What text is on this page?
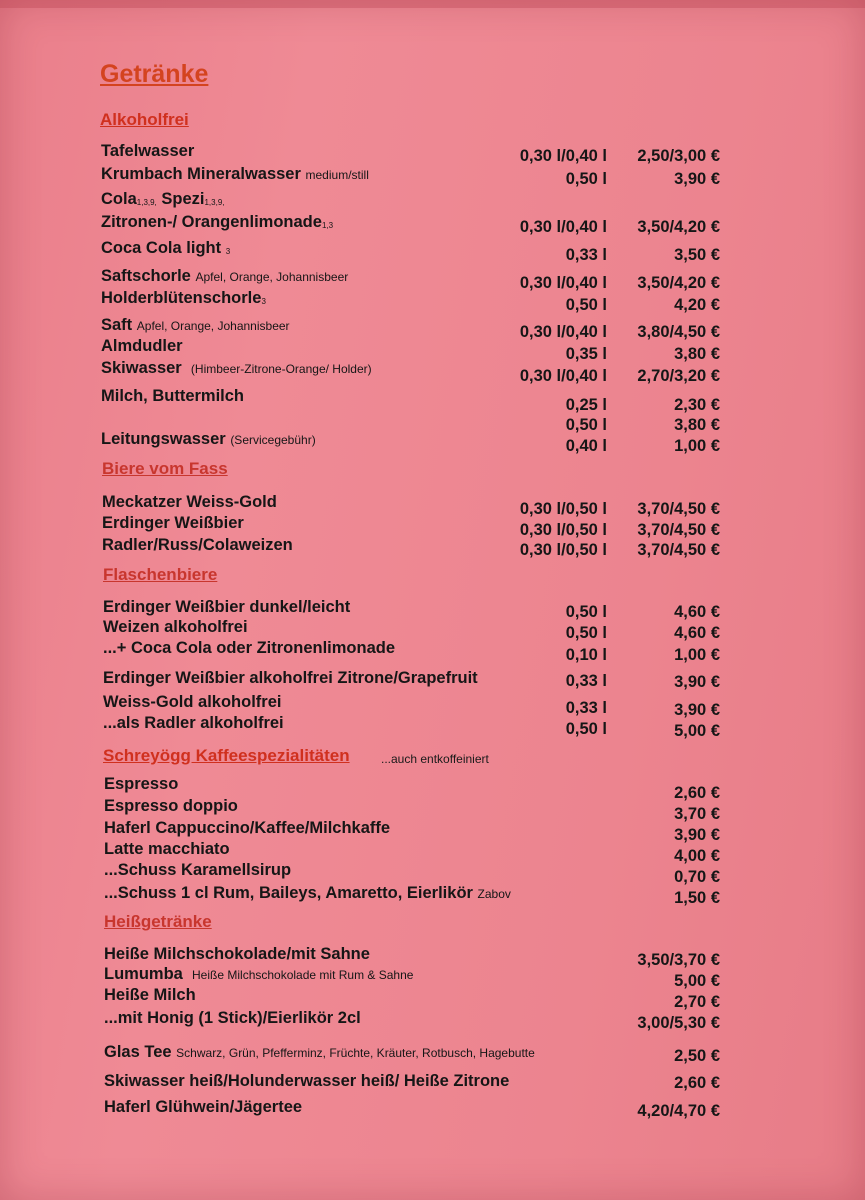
Getränke
Alkoholfrei
Tafelwasser	0,30 l/0,40 l 2,50/3,00 €
Krumbach Mineralwasser medium/still	0,50 l	3,90 €
Cola1,3,9, Spezi1,3,9,
Zitronen-/ Orangenlimonade1,3	0,30 l/0,40 l 3,50/4,20 €
Coca Cola light 3	0,33 l	3,50 €
Saftschorle Apfel, Orange, Johannisbeer	0,30 l/0,40 l 3,50/4,20 €
Holderblütenschorle3	0,50 l	4,20 €
Saft Apfel, Orange, Johannisbeer	0,30 l/0,40 l 3,80/4,50 €
Almdudler	0,35 l	3,80 €
Skiwasser (Himbeer-Zitrone-Orange/ Holder)	0,30 l/0,40 l 2,70/3,20 €
Milch, Buttermilch	0,25 l	2,30 €
0,50 l	3,80 €
Leitungswasser (Servicegebühr)	0,40 l	1,00 €
Biere vom Fass
Meckatzer Weiss-Gold	0,30 l/0,50 l 3,70/4,50 €
Erdinger Weißbier	0,30 l/0,50 l 3,70/4,50 €
Radler/Russ/Colaweizen	0,30 l/0,50 l 3,70/4,50 €
Flaschenbiere
Erdinger Weißbier dunkel/leicht	0,50 l	4,60 €
Weizen alkoholfrei	0,50 l	4,60 €
...+ Coca Cola oder Zitronenlimonade	0,10 l	1,00 €
Erdinger Weißbier alkoholfrei Zitrone/Grapefruit	0,33 l	3,90 €
Weiss-Gold alkoholfrei	0,33 l	3,90 €
...als Radler alkoholfrei	0,50 l	5,00 €
Schreyögg Kaffeespezialitäten	...auch entkoffeiniert
Espresso	2,60 €
Espresso doppio	3,70 €
Haferl Cappuccino/Kaffee/Milchkaffe	3,90 €
Latte macchiato	4,00 €
...Schuss Karamellsirup	0,70 €
...Schuss 1 cl Rum, Baileys, Amaretto, Eierlikör Zabov	1,50 €
Heißgetränke
Heiße Milchschokolade/mit Sahne	3,50/3,70 €
Lumumba Heiße Milchschokolade mit Rum & Sahne	5,00 €
Heiße Milch	2,70 €
...mit Honig (1 Stick)/Eierlikör 2cl	3,00/5,30 €
Glas Tee Schwarz, Grün, Pfefferminz, Früchte, Kräuter, Rotbusch, Hagebutte	2,50 €
Skiwasser heiß/Holunderwasser heiß/ Heiße Zitrone	2,60 €
Haferl Glühwein/Jägertee	4,20/4,70 €
